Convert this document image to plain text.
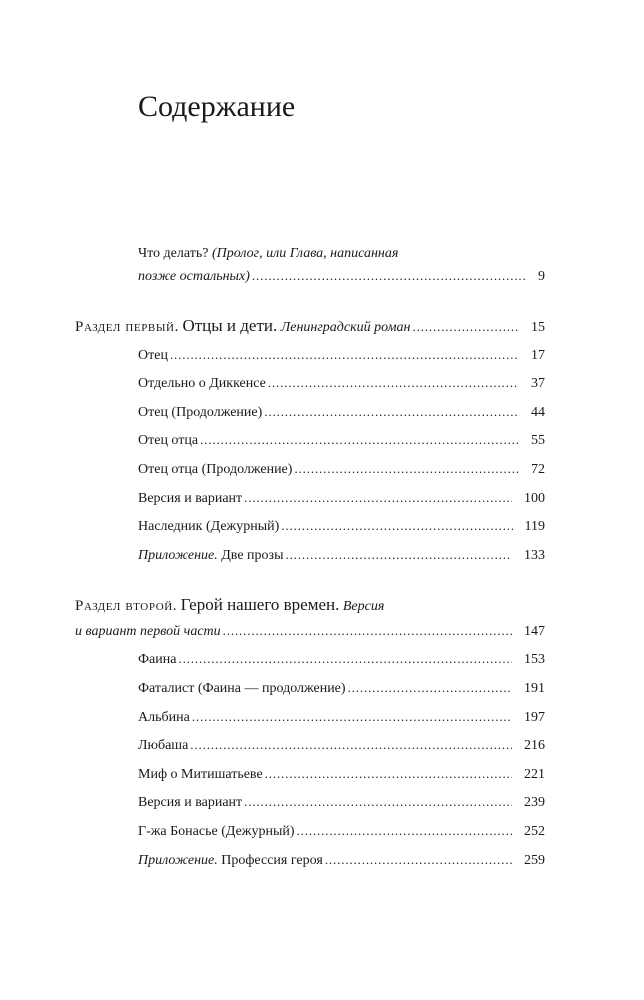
Содержание
Что делать? (Пролог, или Глава, написанная
позже остальных) . . .	9
Раздел первый. Отцы и дети. Ленинградский роман . . .	15
Отец . . .	17
Отдельно о Диккенсе . . .	37
Отец (Продолжение) . . .	44
Отец отца . . .	55
Отец отца (Продолжение) . . .	72
Версия и вариант . . .	100
Наследник (Дежурный) . . .	119
Приложение. Две прозы . . .	133
Раздел второй. Герой нашего времен. Версия
и вариант первой части . . .	147
Фаина . . .	153
Фаталист (Фаина — продолжение) . . .	191
Альбина . . .	197
Любаша . . .	216
Миф о Митишатьеве . . .	221
Версия и вариант . . .	239
Г-жа Бонасье (Дежурный) . . .	252
Приложение. Профессия героя . . .	259
